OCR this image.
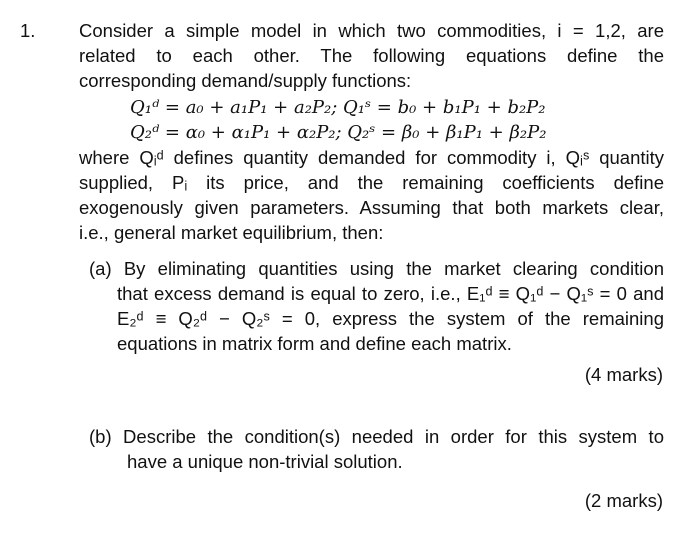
1. Consider a simple model in which two commodities, i = 1,2, are
related to each other. The following equations define the
corresponding demand/supply functions:
Q₁ᵈ = a₀ + a₁P₁ + a₂P₂; Q₁ˢ = b₀ + b₁P₁ + b₂P₂
Q₂ᵈ = α₀ + α₁P₁ + α₂P₂; Q₂ˢ = β₀ + β₁P₁ + β₂P₂
where Qᵢᵈ defines quantity demanded for commodity i, Qᵢˢ quantity
supplied, Pᵢ its price, and the remaining coefficients define
exogenously given parameters. Assuming that both markets clear,
i.e., general market equilibrium, then:
(a) By eliminating quantities using the market clearing condition
that excess demand is equal to zero, i.e., E₁ᵈ ≡ Q₁ᵈ − Q₁ˢ = 0 and
E₂ᵈ ≡ Q₂ᵈ − Q₂ˢ = 0, express the system of the remaining
equations in matrix form and define each matrix.
(4 marks)
(b) Describe the condition(s) needed in order for this system to
have a unique non-trivial solution.
(2 marks)
